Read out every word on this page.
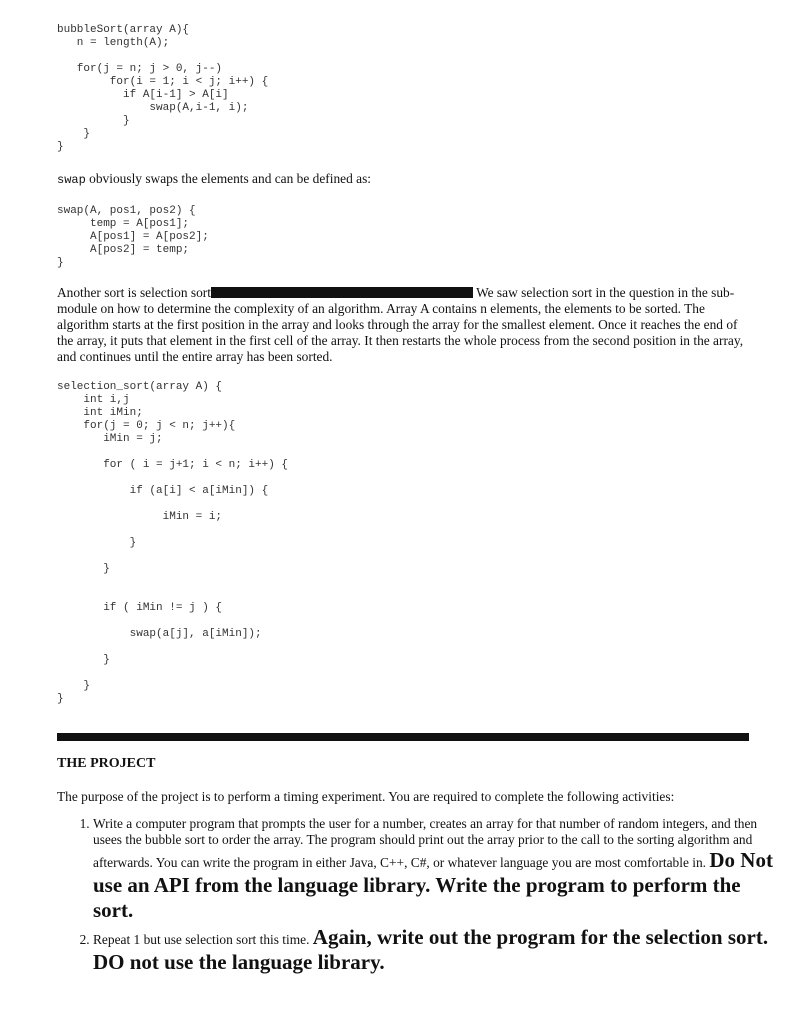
bubbleSort(array A){
n = length(A);

for(j = n; j > 0, j--)
for(i = 1; i < j; i++) {
if A[i-1] > A[i]
swap(A,i-1, i);
}
}
}
swap obviously swaps the elements and can be defined as:
swap(A, pos1, pos2) {
temp = A[pos1];
A[pos1] = A[pos2];
A[pos2] = temp;
}
Another sort is selection sort	We saw selection sort in the question in the sub-module on how to determine the complexity of an algorithm. Array A contains n elements, the elements to be sorted. The algorithm starts at the first position in the array and looks through the array for the smallest element. Once it reaches the end of the array, it puts that element in the first cell of the array. It then restarts the whole process from the second position in the array, and continues until the entire array has been sorted.
selection_sort(array A) {
int i,j
int iMin;
for(j = 0; j < n; j++){
iMin = j;

for ( i = j+1; i < n; i++) {

if (a[i] < a[iMin]) {

iMin = i;

}

}

if ( iMin != j ) {

swap(a[j], a[iMin]);

}

}
}
THE PROJECT
The purpose of the project is to perform a timing experiment. You are required to complete the following activities:
1. Write a computer program that prompts the user for a number, creates an array for that number of random integers, and then usees the bubble sort to order the array. The program should print out the array prior to the call to the sorting algorithm and afterwards. You can write the program in either Java, C++, C#, or whatever language you are most comfortable in. Do Not use an API from the language library. Write the program to perform the sort.
2. Repeat 1 but use selection sort this time. Again, write out the program for the selection sort. DO not use the language library.
